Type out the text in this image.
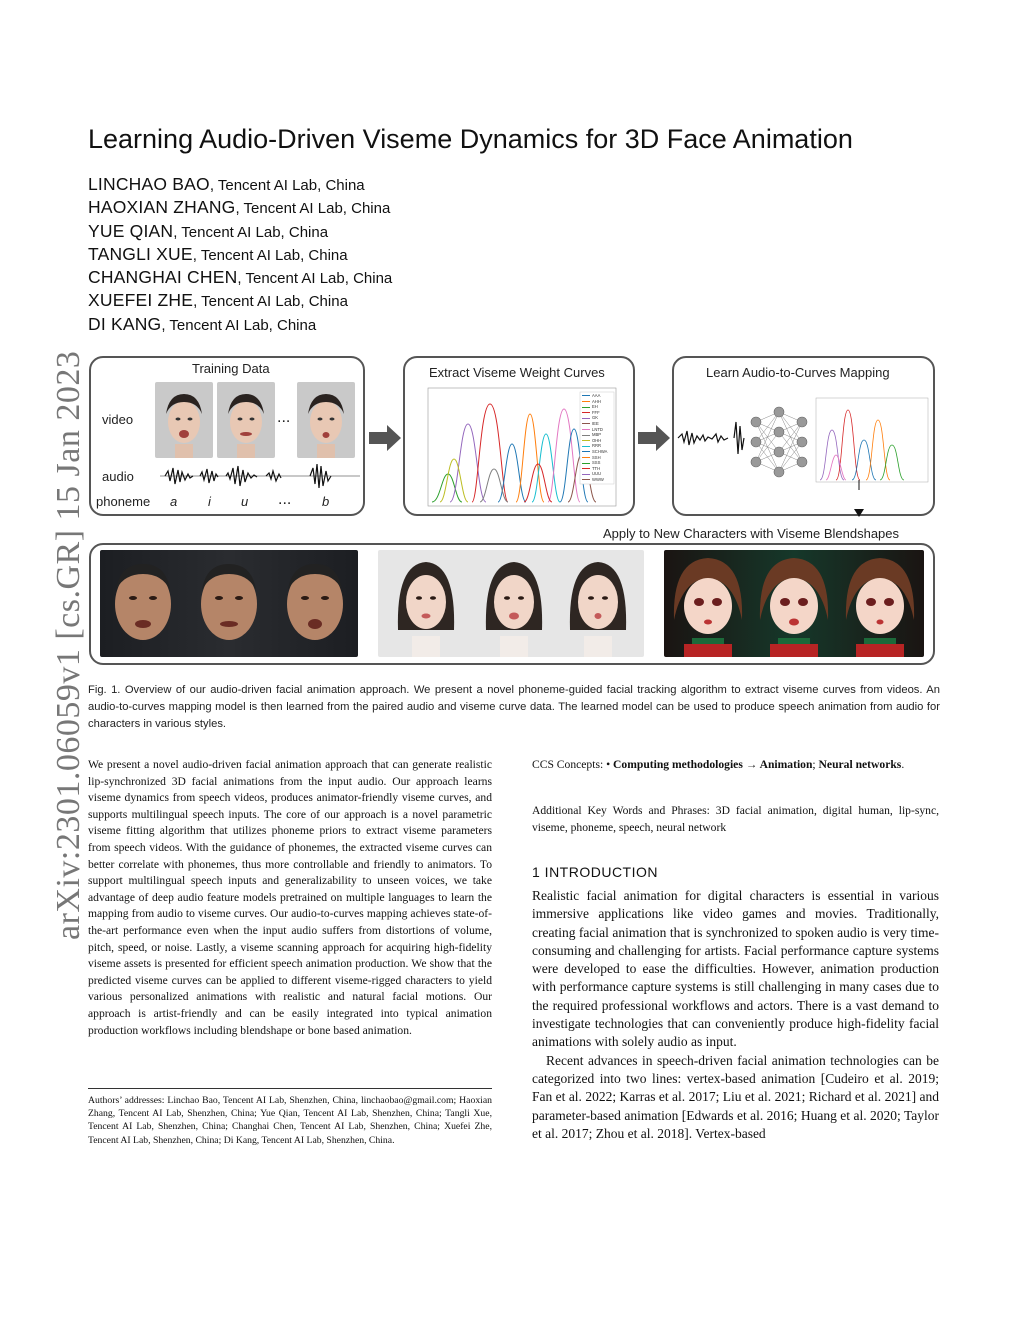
arXiv:2301.06059v1 [cs.GR] 15 Jan 2023
Learning Audio-Driven Viseme Dynamics for 3D Face Animation
LINCHAO BAO, Tencent AI Lab, China
HAOXIAN ZHANG, Tencent AI Lab, China
YUE QIAN, Tencent AI Lab, China
TANGLI XUE, Tencent AI Lab, China
CHANGHAI CHEN, Tencent AI Lab, China
XUEFEI ZHE, Tencent AI Lab, China
DI KANG, Tencent AI Lab, China
Training Data
video
audio
phoneme
...
a i u ... b
Extract Viseme Weight Curves
AAA
AHH
EH
FFF
GK
IEE
LNTD
MBP
OHH
RRR
SCHWA
SSH
SSS
TTH
UUU
WWW
Learn Audio-to-Curves Mapping
Apply to New Characters with Viseme Blendshapes
Fig. 1. Overview of our audio-driven facial animation approach. We present a novel phoneme-guided facial tracking algorithm to extract viseme curves from videos. An audio-to-curves mapping model is then learned from the paired audio and viseme curve data. The learned model can be used to produce speech animation from audio for characters in various styles.
We present a novel audio-driven facial animation approach that can generate realistic lip-synchronized 3D facial animations from the input audio. Our approach learns viseme dynamics from speech videos, produces animator-friendly viseme curves, and supports multilingual speech inputs. The core of our approach is a novel parametric viseme fitting algorithm that utilizes phoneme priors to extract viseme parameters from speech videos. With the guidance of phonemes, the extracted viseme curves can better correlate with phonemes, thus more controllable and friendly to animators. To support multilingual speech inputs and generalizability to unseen voices, we take advantage of deep audio feature models pretrained on multiple languages to learn the mapping from audio to viseme curves. Our audio-to-curves mapping achieves state-of-the-art performance even when the input audio suffers from distortions of volume, pitch, speed, or noise. Lastly, a viseme scanning approach for acquiring high-fidelity viseme assets is presented for efficient speech animation production. We show that the predicted viseme curves can be applied to different viseme-rigged characters to yield various personalized animations with realistic and natural facial motions. Our approach is artist-friendly and can be easily integrated into typical animation production workflows including blendshape or bone based animation.
CCS Concepts: • Computing methodologies → Animation; Neural networks.
Additional Key Words and Phrases: 3D facial animation, digital human, lip-sync, viseme, phoneme, speech, neural network
1 INTRODUCTION

Realistic facial animation for digital characters is essential in various immersive applications like video games and movies. Traditionally, creating facial animation that is synchronized to spoken audio is very time-consuming and challenging for artists. Facial performance capture systems were developed to ease the difficulties. However, animation production with performance capture systems is still challenging in many cases due to the required professional workflows and actors. There is a vast demand to investigate technologies that can conveniently produce high-fidelity facial animations with solely audio as input.

Recent advances in speech-driven facial animation technologies can be categorized into two lines: vertex-based animation [Cudeiro et al. 2019; Fan et al. 2022; Karras et al. 2017; Liu et al. 2021; Richard et al. 2021] and parameter-based animation [Edwards et al. 2016; Huang et al. 2020; Taylor et al. 2017; Zhou et al. 2018]. Vertex-based

Authors’ addresses: Linchao Bao, Tencent AI Lab, Shenzhen, China, linchaobao@gmail.com; Haoxian Zhang, Tencent AI Lab, Shenzhen, China; Yue Qian, Tencent AI Lab, Shenzhen, China; Tangli Xue, Tencent AI Lab, Shenzhen, China; Changhai Chen, Tencent AI Lab, Shenzhen, China; Xuefei Zhe, Tencent AI Lab, Shenzhen, China; Di Kang, Tencent AI Lab, Shenzhen, China.
